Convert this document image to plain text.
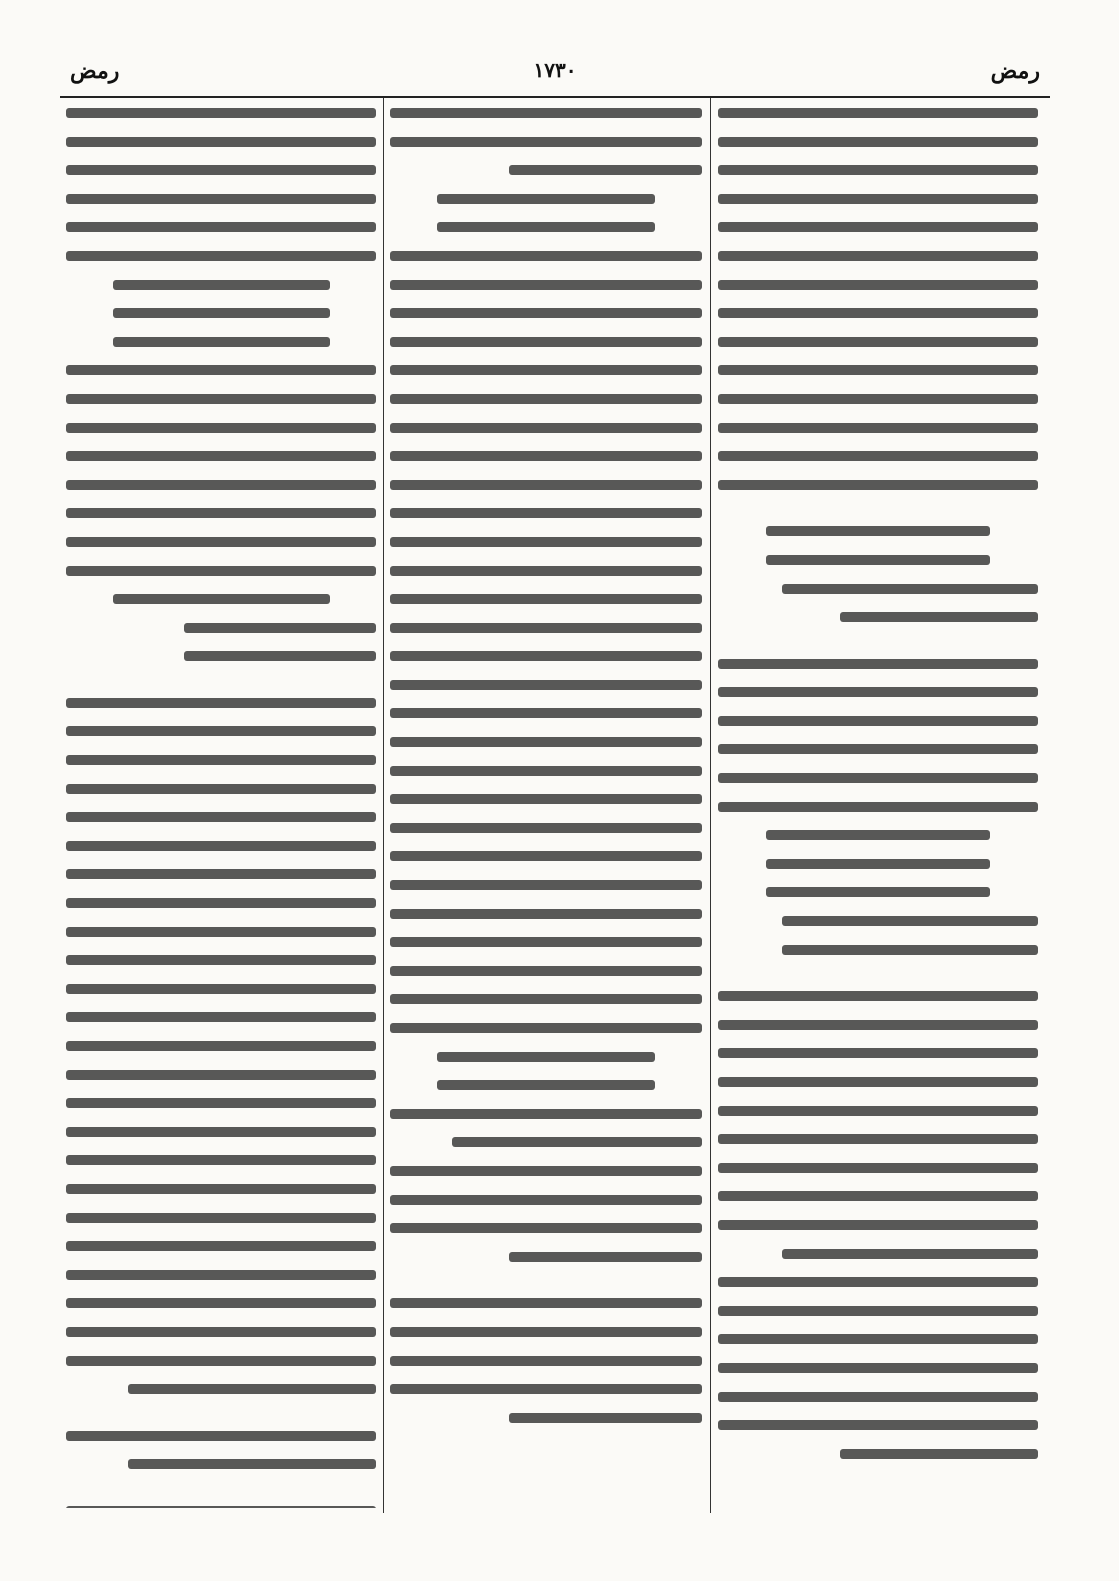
رمض
١٧٣٠
رمض
